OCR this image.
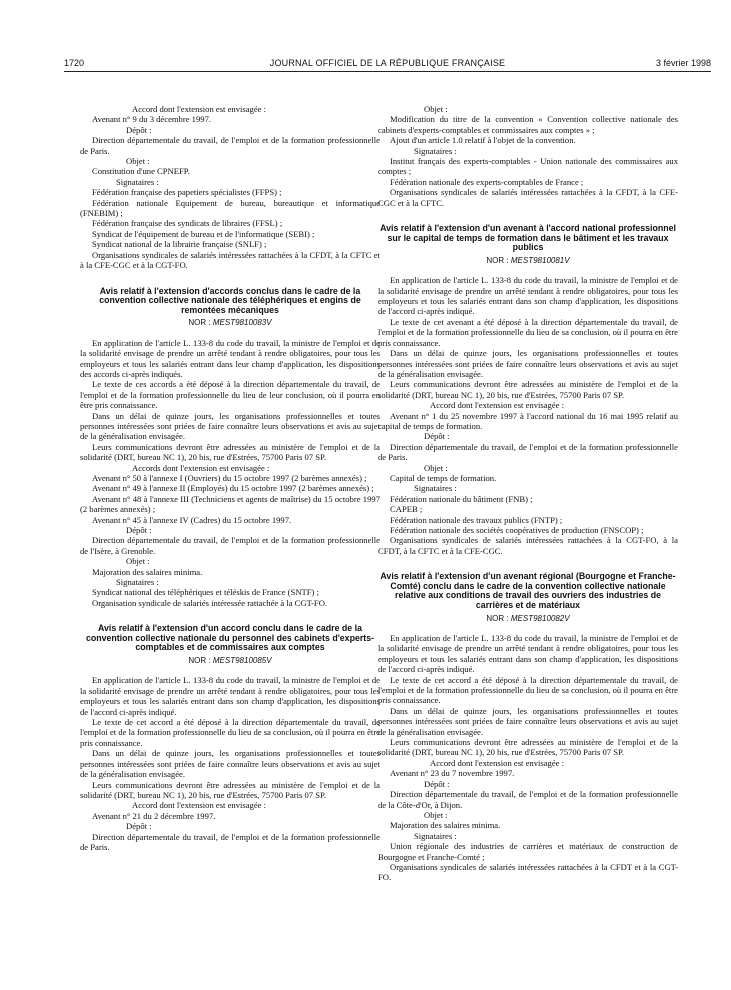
1720	JOURNAL OFFICIEL DE LA RÉPUBLIQUE FRANÇAISE	3 février 1998

Accord dont l'extension est envisagée :

Avenant n° 9 du 3 décembre 1997.

Dépôt :

Direction départementale du travail, de l'emploi et de la formation professionnelle de Paris.

Objet :

Constitution d'une CPNEFP.

Signataires :

Fédération française des papetiers spécialistes (FFPS) ;

Fédération nationale Equipement de bureau, bureautique et informatique (FNEBIM) ;

Fédération française des syndicats de libraires (FFSL) ;

Syndicat de l'équipement de bureau et de l'informatique (SEBI) ;

Syndicat national de la librairie française (SNLF) ;

Organisations syndicales de salariés intéressées rattachées à la CFDT, à la CFTC et à la CFE-CGC et à la CGT-FO.

Avis relatif à l'extension d'accords conclus dans le cadre de la convention collective nationale des téléphériques et engins de remontées mécaniques
NOR : MEST9810083V

En application de l'article L. 133-8 du code du travail, la ministre de l'emploi et de la solidarité envisage de prendre un arrêté tendant à rendre obligatoires, pour tous les employeurs et tous les salariés entrant dans leur champ d'application, les dispositions des accords ci-après indiqués.

Le texte de ces accords a été déposé à la direction départementale du travail, de l'emploi et de la formation professionnelle du lieu de leur conclusion, où il pourra en être pris connaissance.

Dans un délai de quinze jours, les organisations professionnelles et toutes personnes intéressées sont priées de faire connaître leurs observations et avis au sujet de la généralisation envisagée.

Leurs communications devront être adressées au ministère de l'emploi et de la solidarité (DRT, bureau NC 1), 20 bis, rue d'Estrées, 75700 Paris 07 SP.

Accords dont l'extension est envisagée :

Avenant n° 50 à l'annexe I (Ouvriers) du 15 octobre 1997 (2 barèmes annexés) ;

Avenant n° 49 à l'annexe II (Employés) du 15 octobre 1997 (2 barèmes annexés) ;

Avenant n° 48 à l'annexe III (Techniciens et agents de maîtrise) du 15 octobre 1997 (2 barèmes annexés) ;

Avenant n° 45 à l'annexe IV (Cadres) du 15 octobre 1997.

Dépôt :

Direction départementale du travail, de l'emploi et de la formation professionnelle de l'Isère, à Grenoble.

Objet :

Majoration des salaires minima.

Signataires :

Syndicat national des téléphériques et téléskis de France (SNTF) ;

Organisation syndicale de salariés intéressée rattachée à la CGT-FO.

Avis relatif à l'extension d'un accord conclu dans le cadre de la convention collective nationale du personnel des cabinets d'experts-comptables et de commissaires aux comptes
NOR : MEST9810085V

En application de l'article L. 133-8 du code du travail, la ministre de l'emploi et de la solidarité envisage de prendre un arrêté tendant à rendre obligatoires, pour tous les employeurs et tous les salariés entrant dans son champ d'application, les dispositions de l'accord ci-après indiqué.

Le texte de cet accord a été déposé à la direction départementale du travail, de l'emploi et de la formation professionnelle du lieu de sa conclusion, où il pourra en être pris connaissance.

Dans un délai de quinze jours, les organisations professionnelles et toutes personnes intéressées sont priées de faire connaître leurs observations et avis au sujet de la généralisation envisagée.

Leurs communications devront être adressées au ministère de l'emploi et de la solidarité (DRT, bureau NC 1), 20 bis, rue d'Estrées, 75700 Paris 07 SP.

Accord dont l'extension est envisagée :

Avenant n° 21 du 2 décembre 1997.

Dépôt :

Direction départementale du travail, de l'emploi et de la formation professionnelle de Paris.

Objet :

Modification du titre de la convention « Convention collective nationale des cabinets d'experts-comptables et commissaires aux comptes » ;

Ajout d'un article 1.0 relatif à l'objet de la convention.

Signataires :

Institut français des experts-comptables - Union nationale des commissaires aux comptes ;

Fédération nationale des experts-comptables de France ;

Organisations syndicales de salariés intéressées rattachées à la CFDT, à la CFE-CGC et à la CFTC.

Avis relatif à l'extension d'un avenant à l'accord national professionnel sur le capital de temps de formation dans le bâtiment et les travaux publics
NOR : MEST9810081V

En application de l'article L. 133-8 du code du travail, la ministre de l'emploi et de la solidarité envisage de prendre un arrêté tendant à rendre obligatoires, pour tous les employeurs et tous les salariés entrant dans son champ d'application, les dispositions de l'accord ci-après indiqué.

Le texte de cet avenant a été déposé à la direction départementale du travail, de l'emploi et de la formation professionnelle du lieu de sa conclusion, où il pourra en être pris connaissance.

Dans un délai de quinze jours, les organisations professionnelles et toutes personnes intéressées sont priées de faire connaître leurs observations et avis au sujet de la généralisation envisagée.

Leurs communications devront être adressées au ministère de l'emploi et de la solidarité (DRT, bureau NC 1), 20 bis, rue d'Estrées, 75700 Paris 07 SP.

Accord dont l'extension est envisagée :

Avenant n° 1 du 25 novembre 1997 à l'accord national du 16 mai 1995 relatif au capital de temps de formation.

Dépôt :

Direction départementale du travail, de l'emploi et de la formation professionnelle de Paris.

Objet :

Capital de temps de formation.

Signataires :

Fédération nationale du bâtiment (FNB) ;

CAPEB ;

Fédération nationale des travaux publics (FNTP) ;

Fédération nationale des sociétés coopératives de production (FNSCOP) ;

Organisations syndicales de salariés intéressées rattachées à la CGT-FO, à la CFDT, à la CFTC et à la CFE-CGC.

Avis relatif à l'extension d'un avenant régional (Bourgogne et Franche-Comté) conclu dans le cadre de la convention collective nationale relative aux conditions de travail des ouvriers des industries de carrières et de matériaux
NOR : MEST9810082V

En application de l'article L. 133-8 du code du travail, la ministre de l'emploi et de la solidarité envisage de prendre un arrêté tendant à rendre obligatoires, pour tous les employeurs et tous les salariés entrant dans son champ d'application, les dispositions de l'accord ci-après indiqué.

Le texte de cet accord a été déposé à la direction départementale du travail, de l'emploi et de la formation professionnelle du lieu de sa conclusion, où il pourra en être pris connaissance.

Dans un délai de quinze jours, les organisations professionnelles et toutes personnes intéressées sont priées de faire connaître leurs observations et avis au sujet de la généralisation envisagée.

Leurs communications devront être adressées au ministère de l'emploi et de la solidarité (DRT, bureau NC 1), 20 bis, rue d'Estrées, 75700 Paris 07 SP.

Accord dont l'extension est envisagée :

Avenant n° 23 du 7 novembre 1997.

Dépôt :

Direction départementale du travail, de l'emploi et de la formation professionnelle de la Côte-d'Or, à Dijon.

Objet :

Majoration des salaires minima.

Signataires :

Union régionale des industries de carrières et matériaux de construction de Bourgogne et Franche-Comté ;

Organisations syndicales de salariés intéressées rattachées à la CFDT et à la CGT-FO.
